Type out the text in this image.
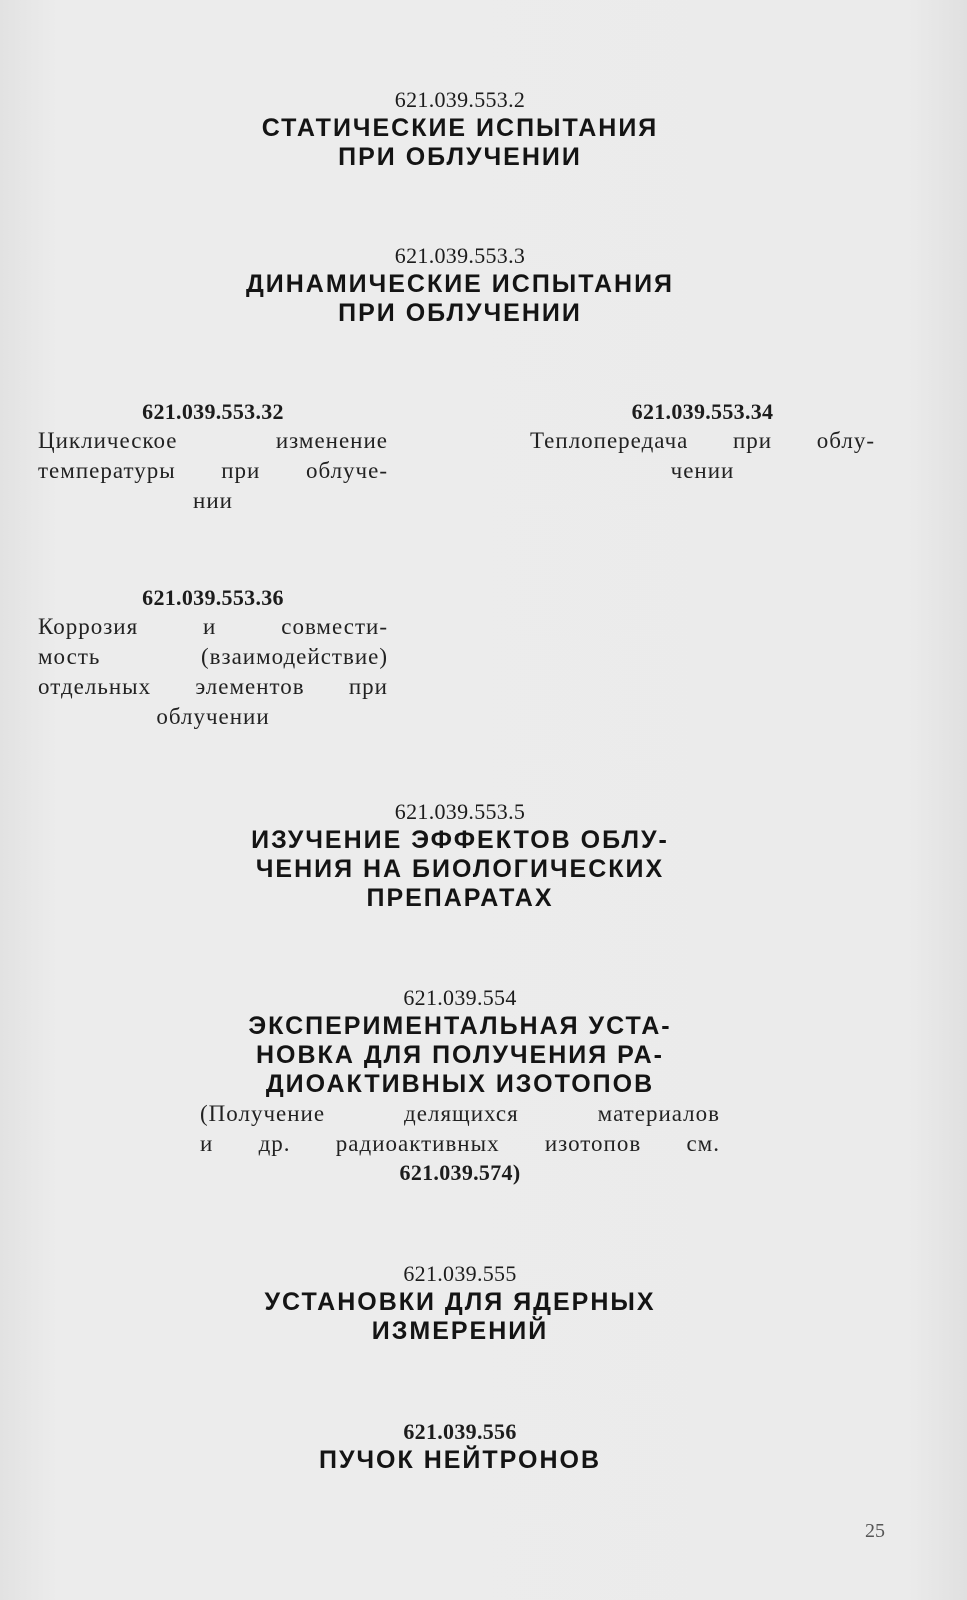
621.039.553.2
СТАТИЧЕСКИЕ ИСПЫТАНИЯ
ПРИ ОБЛУЧЕНИИ
621.039.553.3
ДИНАМИЧЕСКИЕ ИСПЫТАНИЯ
ПРИ ОБЛУЧЕНИИ
621.039.553.32
Циклическое изменение
температуры при облуче-
нии
621.039.553.34
Теплопередача при облу-
чении
621.039.553.36
Коррозия и совмести-
мость (взаимодействие)
отдельных элементов при
облучении
621.039.553.5
ИЗУЧЕНИЕ ЭФФЕКТОВ ОБЛУ-
ЧЕНИЯ НА БИОЛОГИЧЕСКИХ
ПРЕПАРАТАХ
621.039.554
ЭКСПЕРИМЕНТАЛЬНАЯ УСТА-
НОВКА ДЛЯ ПОЛУЧЕНИЯ РА-
ДИОАКТИВНЫХ ИЗОТОПОВ
(Получение делящихся материалов
и др. радиоактивных изотопов см.
621.039.574)
621.039.555
УСТАНОВКИ ДЛЯ ЯДЕРНЫХ
ИЗМЕРЕНИЙ
621.039.556
ПУЧОК НЕЙТРОНОВ
25
